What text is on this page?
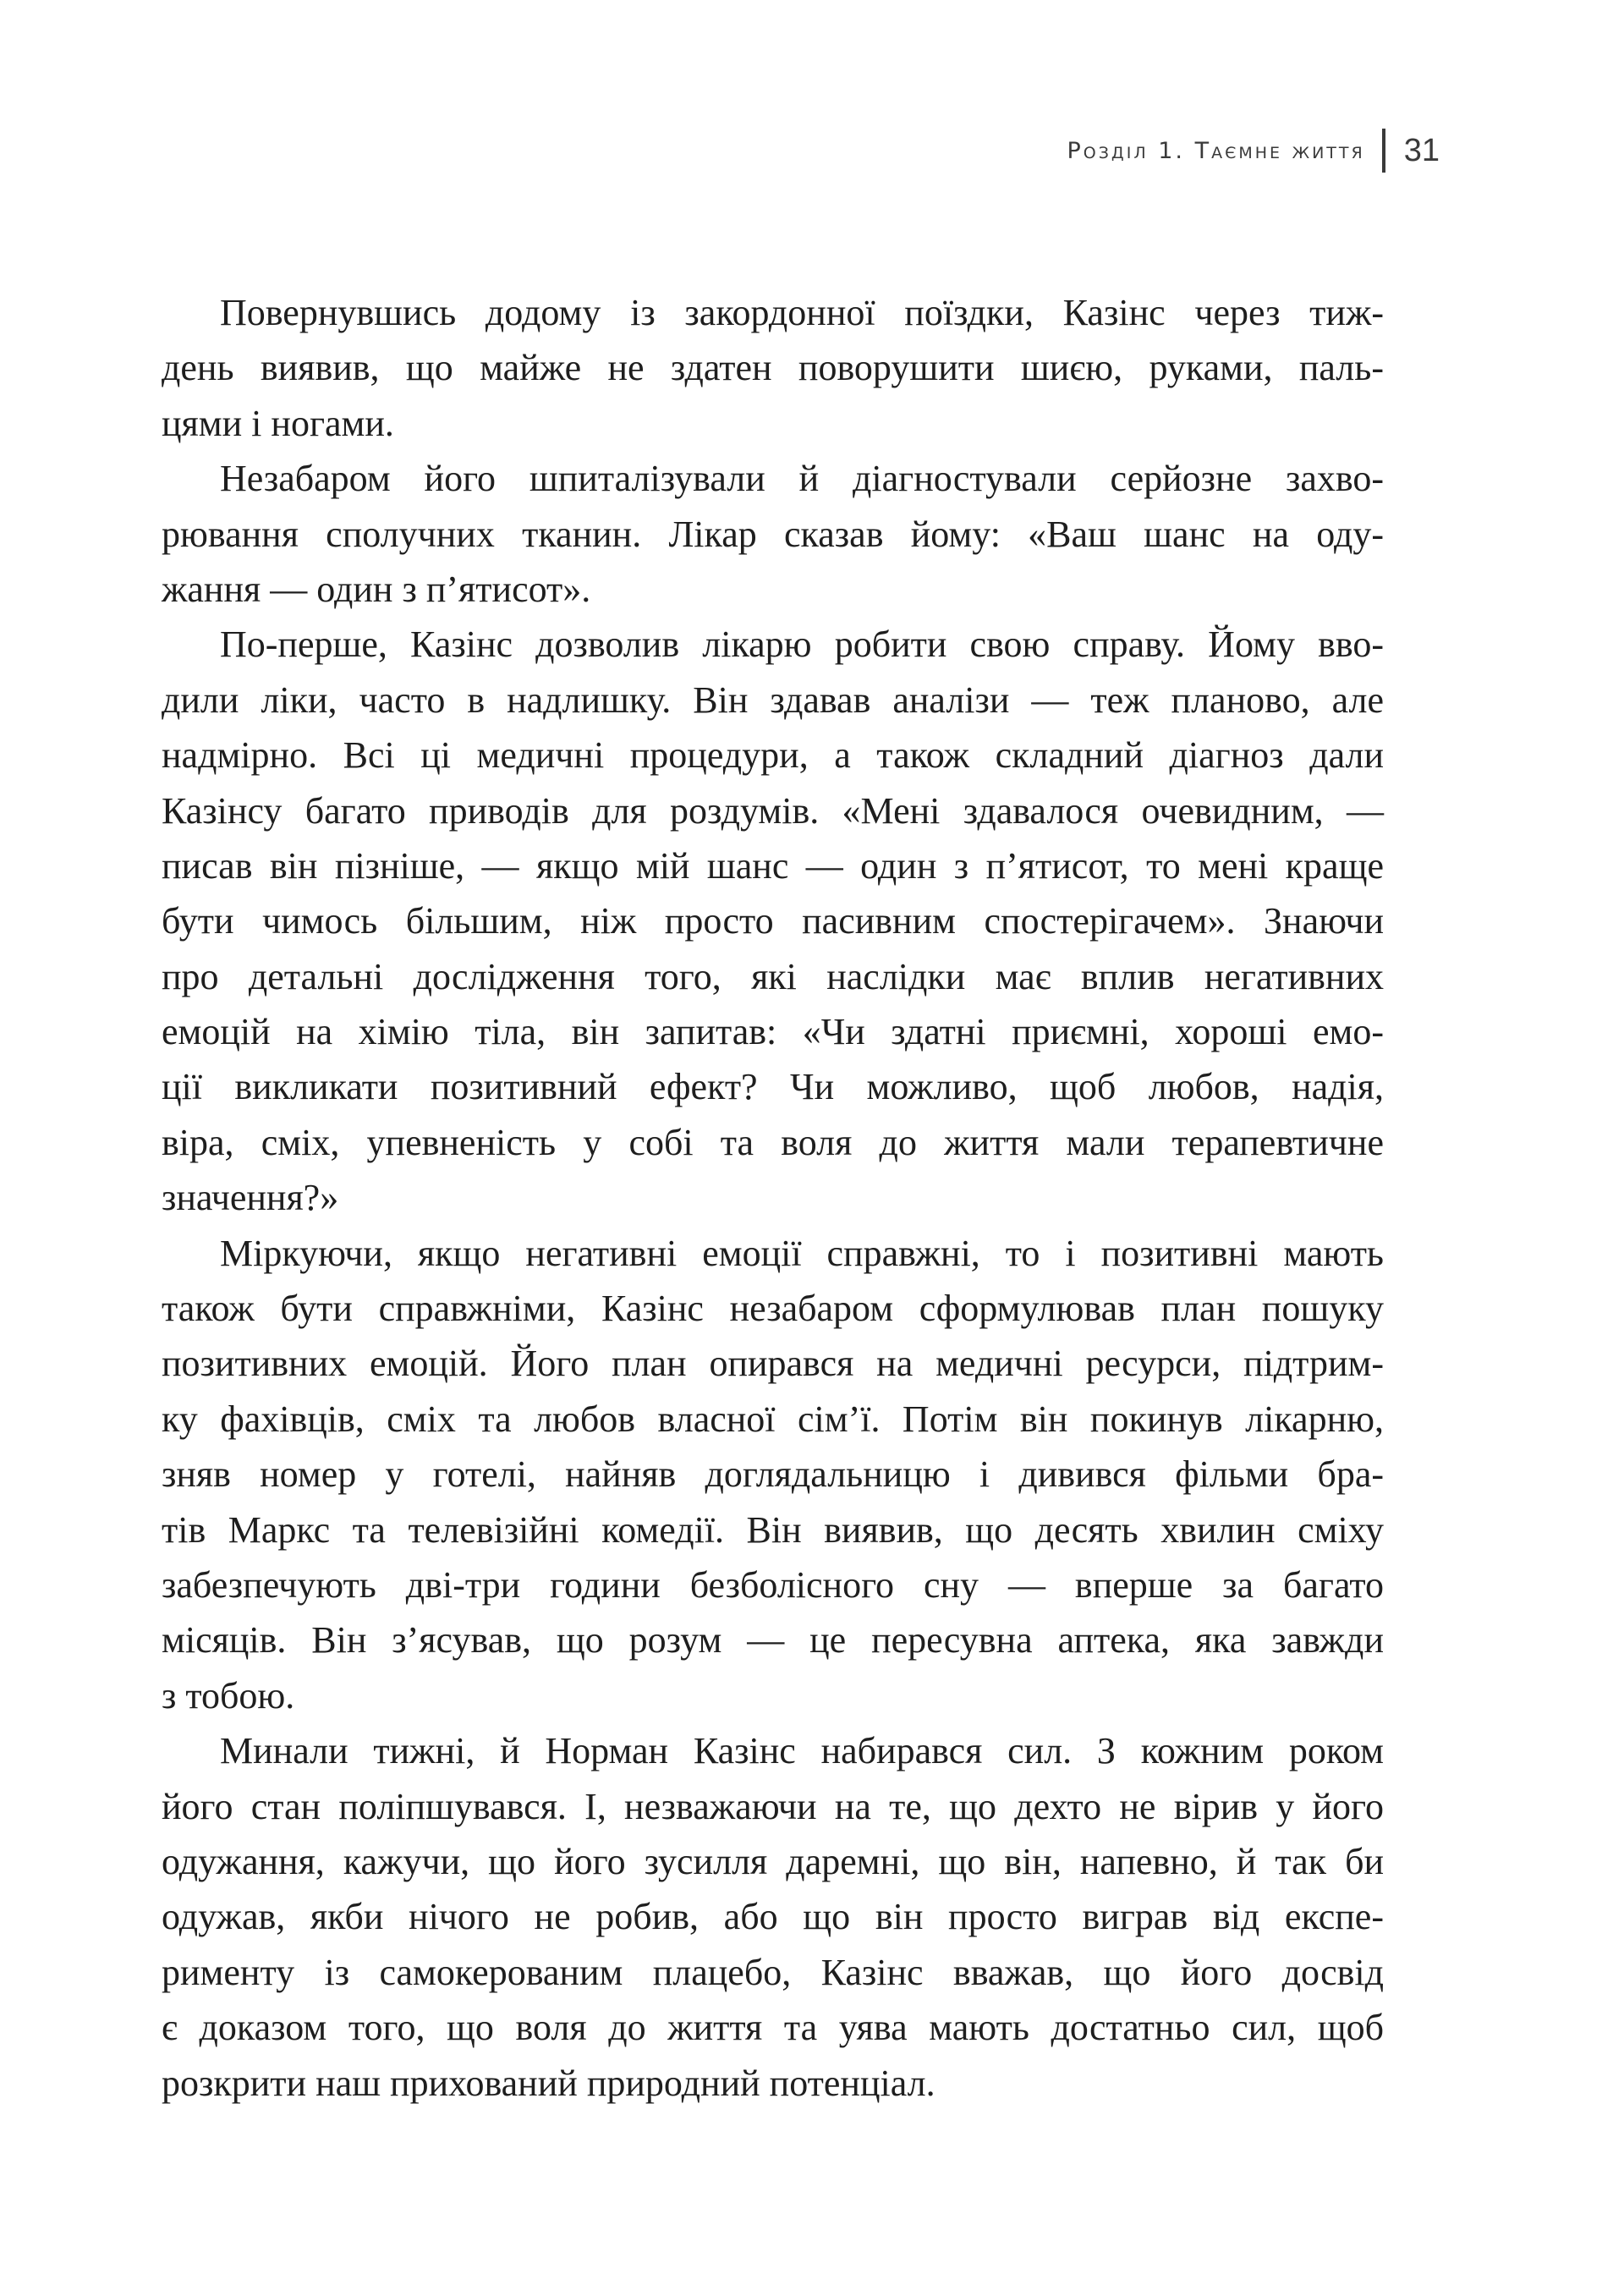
Розділ 1. Таємне життя 31
Повернувшись додому із закордонної поїздки, Казінс через тиж-
день виявив, що майже не здатен поворушити шиєю, руками, паль-
цями і ногами.
Незабаром його шпиталізували й діагностували серйозне захво-
рювання сполучних тканин. Лікар сказав йому: «Ваш шанс на оду-
жання — один з п’ятисот».
По-перше, Казінс дозволив лікарю робити свою справу. Йому вво-
дили ліки, часто в надлишку. Він здавав аналізи — теж планово, але
надмірно. Всі ці медичні процедури, а також складний діагноз дали
Казінсу багато приводів для роздумів. «Мені здавалося очевидним, —
писав він пізніше, — якщо мій шанс — один з п’ятисот, то мені краще
бути чимось більшим, ніж просто пасивним спостерігачем». Знаючи
про детальні дослідження того, які наслідки має вплив негативних
емоцій на хімію тіла, він запитав: «Чи здатні приємні, хороші емо-
ції викликати позитивний ефект? Чи можливо, щоб любов, надія,
віра, сміх, упевненість у собі та воля до життя мали терапевтичне
значення?»
Міркуючи, якщо негативні емоції справжні, то і позитивні мають
також бути справжніми, Казінс незабаром сформулював план пошуку
позитивних емоцій. Його план опирався на медичні ресурси, підтрим-
ку фахівців, сміх та любов власної сім’ї. Потім він покинув лікарню,
зняв номер у готелі, найняв доглядальницю і дивився фільми бра-
тів Маркс та телевізійні комедії. Він виявив, що десять хвилин сміху
забезпечують дві-три години безболісного сну — вперше за багато
місяців. Він з’ясував, що розум — це пересувна аптека, яка завжди
з тобою.
Минали тижні, й Норман Казінс набирався сил. З кожним роком
його стан поліпшувався. І, незважаючи на те, що дехто не вірив у його
одужання, кажучи, що його зусилля даремні, що він, напевно, й так би
одужав, якби нічого не робив, або що він просто виграв від експе-
рименту із самокерованим плацебо, Казінс вважав, що його досвід
є доказом того, що воля до життя та уява мають достатньо сил, щоб
розкрити наш прихований природний потенціал.
